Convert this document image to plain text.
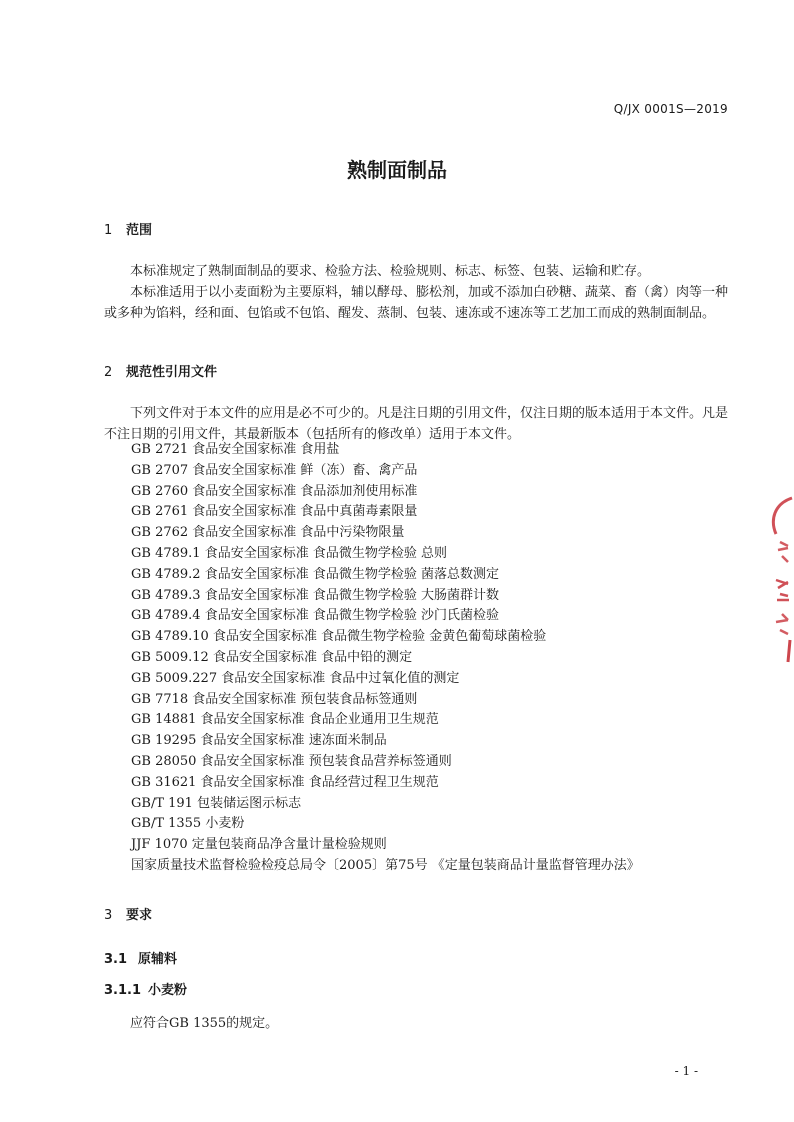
Q/JX 0001S—2019
熟制面制品
1 范围
本标准规定了熟制面制品的要求、检验方法、检验规则、标志、标签、包装、运输和贮存。
本标准适用于以小麦面粉为主要原料，辅以酵母、膨松剂，加或不添加白砂糖、蔬菜、畜（禽）肉等一种或多种为馅料，经和面、包馅或不包馅、醒发、蒸制、包装、速冻或不速冻等工艺加工而成的熟制面制品。
2 规范性引用文件
下列文件对于本文件的应用是必不可少的。凡是注日期的引用文件，仅注日期的版本适用于本文件。凡是不注日期的引用文件，其最新版本（包括所有的修改单）适用于本文件。
GB 2721 食品安全国家标准 食用盐
GB 2707 食品安全国家标准 鲜（冻）畜、禽产品
GB 2760 食品安全国家标准 食品添加剂使用标准
GB 2761 食品安全国家标准 食品中真菌毒素限量
GB 2762 食品安全国家标准 食品中污染物限量
GB 4789.1 食品安全国家标准 食品微生物学检验 总则
GB 4789.2 食品安全国家标准 食品微生物学检验 菌落总数测定
GB 4789.3 食品安全国家标准 食品微生物学检验 大肠菌群计数
GB 4789.4 食品安全国家标准 食品微生物学检验 沙门氏菌检验
GB 4789.10 食品安全国家标准 食品微生物学检验 金黄色葡萄球菌检验
GB 5009.12 食品安全国家标准 食品中铅的测定
GB 5009.227 食品安全国家标准 食品中过氧化值的测定
GB 7718 食品安全国家标准 预包装食品标签通则
GB 14881 食品安全国家标准 食品企业通用卫生规范
GB 19295 食品安全国家标准 速冻面米制品
GB 28050 食品安全国家标准 预包装食品营养标签通则
GB 31621 食品安全国家标准 食品经营过程卫生规范
GB/T 191 包装储运图示标志
GB/T 1355 小麦粉
JJF 1070 定量包装商品净含量计量检验规则
国家质量技术监督检验检疫总局令〔2005〕第75号 《定量包装商品计量监督管理办法》
3 要求
3.1 原辅料
3.1.1 小麦粉
应符合GB 1355的规定。
- 1 -
